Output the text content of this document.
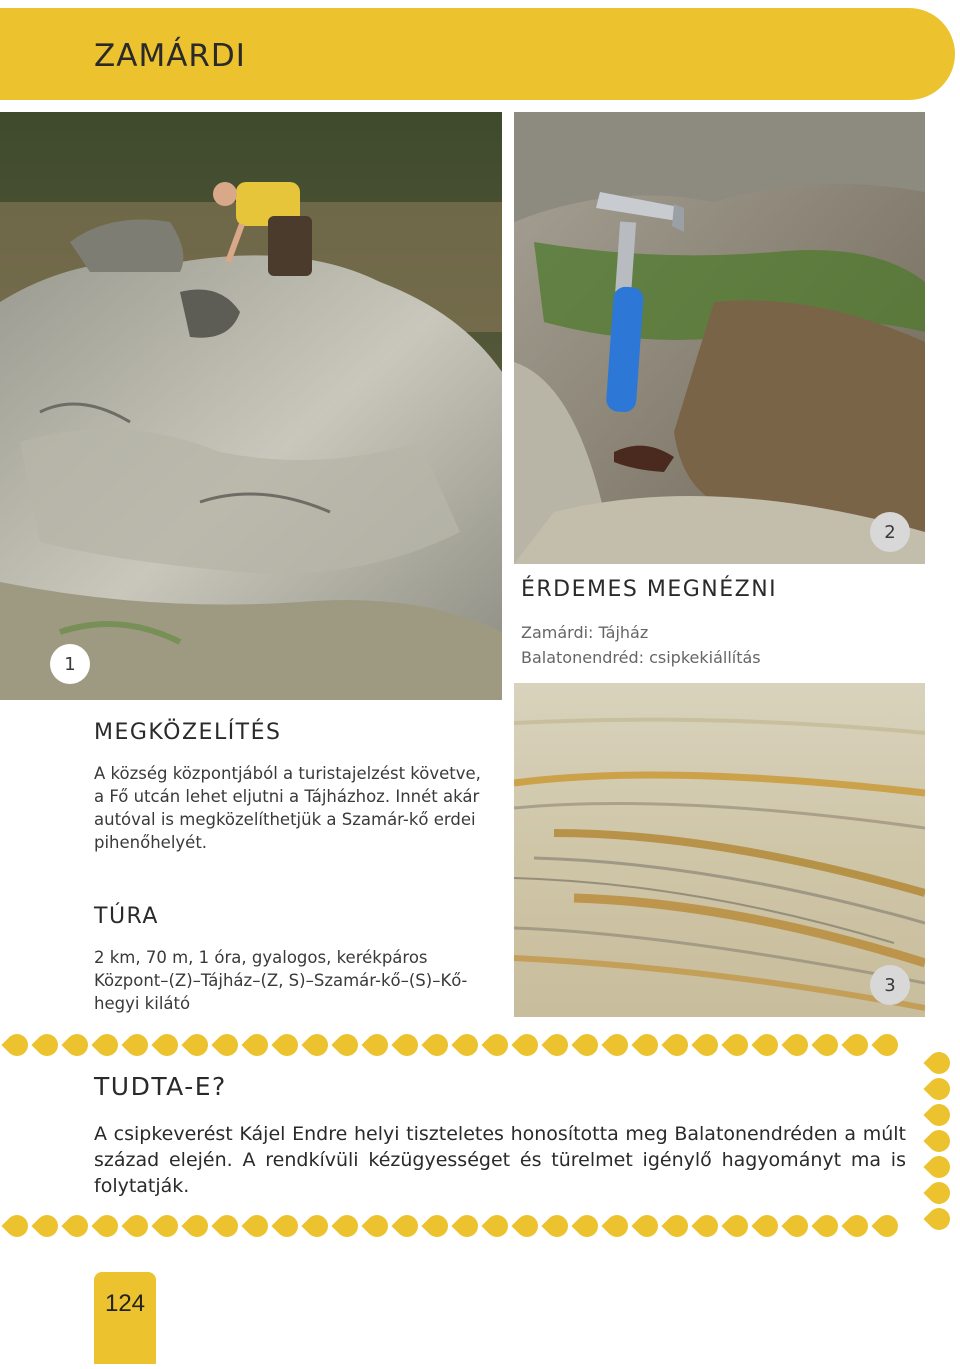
ZAMÁRDI
1
2
ÉRDEMES MEGNÉZNI
Zamárdi: Tájház
Balatonendréd: csipkekiállítás
3
MEGKÖZELÍTÉS
A község központjából a turistajelzést követve,
a Fő utcán lehet eljutni a Tájházhoz. Innét akár
autóval is megközelíthetjük a Szamár-kő erdei
pihenőhelyét.
TÚRA
2 km, 70 m, 1 óra, gyalogos, kerékpáros
Központ–(Z)–Tájház–(Z, S)–Szamár-kő–(S)–Kő-
hegyi kilátó
TUDTA-E?
A csipkeverést Kájel Endre helyi tiszteletes honosította meg Balatonendréden a múlt század elején. A rendkívüli kézügyességet és türelmet igénylő hagyományt ma is folytatják.
124
